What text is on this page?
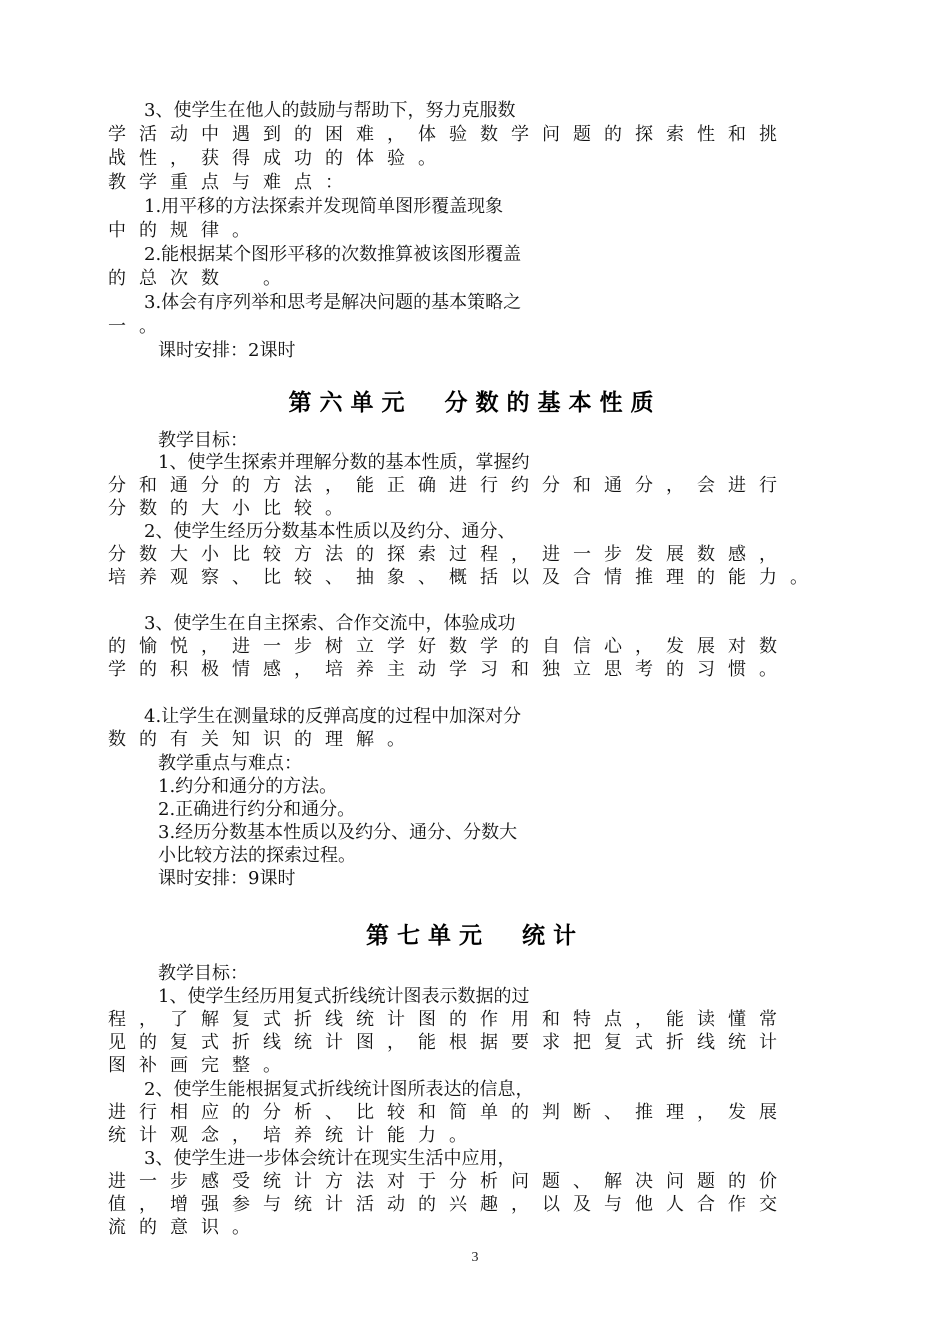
3、使学生在他人的鼓励与帮助下，努力克服数
学活动中遇到的困难，体验数学问题的探索性和挑
战性，获得成功的体验。
教学重点与难点：
1.用平移的方法探索并发现简单图形覆盖现象
中的规律。
2.能根据某个图形平移的次数推算被该图形覆盖
的总次数　。
3.体会有序列举和思考是解决问题的基本策略之
一。
课时安排：2课时
第六单元 分数的基本性质
教学目标：
1、使学生探索并理解分数的基本性质，掌握约
分和通分的方法，能正确进行约分和通分，会进行
分数的大小比较。
2、使学生经历分数基本性质以及约分、通分、
分数大小比较方法的探索过程，进一步发展数感，
培养观察、比较、抽象、概括以及合情推理的能力。
3、使学生在自主探索、合作交流中，体验成功
的愉悦，进一步树立学好数学的自信心，发展对数
学的积极情感，培养主动学习和独立思考的习惯。
4.让学生在测量球的反弹高度的过程中加深对分
数的有关知识的理解。
教学重点与难点：
1.约分和通分的方法。
2.正确进行约分和通分。
3.经历分数基本性质以及约分、通分、分数大
小比较方法的探索过程。
课时安排：9课时
第七单元 统计
教学目标：
1、使学生经历用复式折线统计图表示数据的过
程，了解复式折线统计图的作用和特点，能读懂常
见的复式折线统计图，能根据要求把复式折线统计
图补画完整。
2、使学生能根据复式折线统计图所表达的信息，
进行相应的分析、比较和简单的判断、推理，发展
统计观念，培养统计能力。
3、使学生进一步体会统计在现实生活中应用，
进一步感受统计方法对于分析问题、解决问题的价
值，增强参与统计活动的兴趣，以及与他人合作交
流的意识。
3
